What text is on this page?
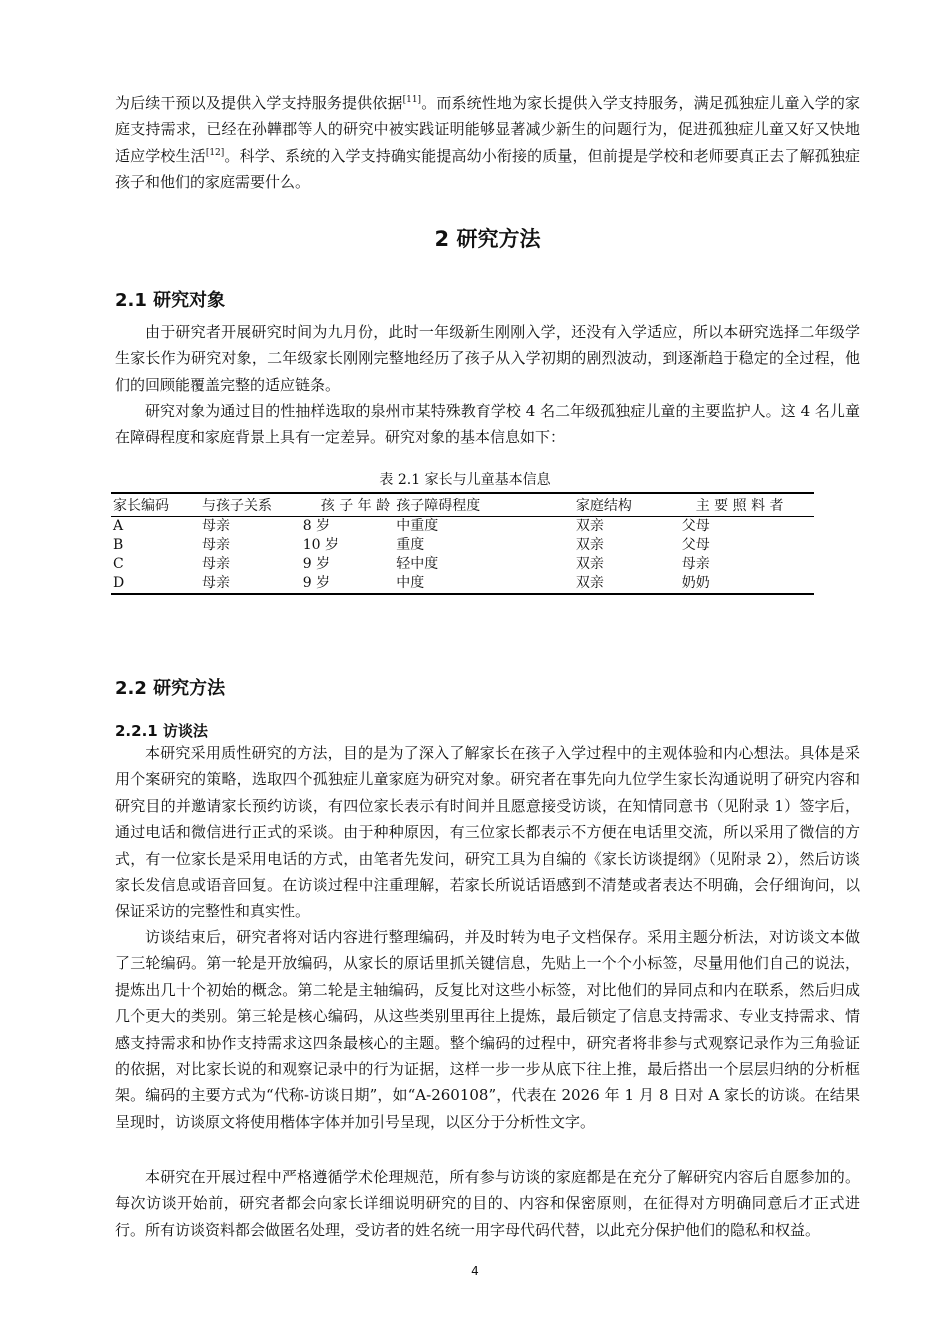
为后续干预以及提供入学支持服务提供依据[11]。而系统性地为家长提供入学支持服务，满足孤独症儿童入学的家庭支持需求，已经在孙韡郡等人的研究中被实践证明能够显著减少新生的问题行为，促进孤独症儿童又好又快地适应学校生活[12]。科学、系统的入学支持确实能提高幼小衔接的质量，但前提是学校和老师要真正去了解孤独症孩子和他们的家庭需要什么。

2 研究方法
2.1 研究对象

由于研究者开展研究时间为九月份，此时一年级新生刚刚入学，还没有入学适应，所以本研究选择二年级学生家长作为研究对象，二年级家长刚刚完整地经历了孩子从入学初期的剧烈波动，到逐渐趋于稳定的全过程，他们的回顾能覆盖完整的适应链条。

研究对象为通过目的性抽样选取的泉州市某特殊教育学校 4 名二年级孤独症儿童的主要监护人。这 4 名儿童在障碍程度和家庭背景上具有一定差异。研究对象的基本信息如下：

表 2.1 家长与儿童基本信息

家长编码	与孩子关系	孩 子 年 龄	孩子障碍程度	家庭结构	主 要 照 料 者
A	母亲	8 岁	中重度	双亲	父母
B	母亲	10 岁	重度	双亲	父母
C	母亲	9 岁	轻中度	双亲	母亲
D	母亲	9 岁	中度	双亲	奶奶
2.2 研究方法
2.2.1 访谈法

本研究采用质性研究的方法，目的是为了深入了解家长在孩子入学过程中的主观体验和内心想法。具体是采用个案研究的策略，选取四个孤独症儿童家庭为研究对象。研究者在事先向九位学生家长沟通说明了研究内容和研究目的并邀请家长预约访谈，有四位家长表示有时间并且愿意接受访谈，在知情同意书（见附录 1）签字后，通过电话和微信进行正式的采谈。由于种种原因，有三位家长都表示不方便在电话里交流，所以采用了微信的方式，有一位家长是采用电话的方式，由笔者先发问，研究工具为自编的《家长访谈提纲》（见附录 2），然后访谈家长发信息或语音回复。在访谈过程中注重理解，若家长所说话语感到不清楚或者表达不明确，会仔细询问，以保证采访的完整性和真实性。

访谈结束后，研究者将对话内容进行整理编码，并及时转为电子文档保存。采用主题分析法，对访谈文本做了三轮编码。第一轮是开放编码，从家长的原话里抓关键信息，先贴上一个个小标签，尽量用他们自己的说法，提炼出几十个初始的概念。第二轮是主轴编码，反复比对这些小标签，对比他们的异同点和内在联系，然后归成几个更大的类别。第三轮是核心编码，从这些类别里再往上提炼，最后锁定了信息支持需求、专业支持需求、情感支持需求和协作支持需求这四条最核心的主题。整个编码的过程中，研究者将非参与式观察记录作为三角验证的依据，对比家长说的和观察记录中的行为证据，这样一步一步从底下往上推，最后搭出一个层层归纳的分析框架。编码的主要方式为“代称-访谈日期”，如“A-260108”，代表在 2026 年 1 月 8 日对 A 家长的访谈。在结果呈现时，访谈原文将使用楷体字体并加引号呈现，以区分于分析性文字。

本研究在开展过程中严格遵循学术伦理规范，所有参与访谈的家庭都是在充分了解研究内容后自愿参加的。每次访谈开始前，研究者都会向家长详细说明研究的目的、内容和保密原则，在征得对方明确同意后才正式进行。所有访谈资料都会做匿名处理，受访者的姓名统一用字母代码代替，以此充分保护他们的隐私和权益。

4
